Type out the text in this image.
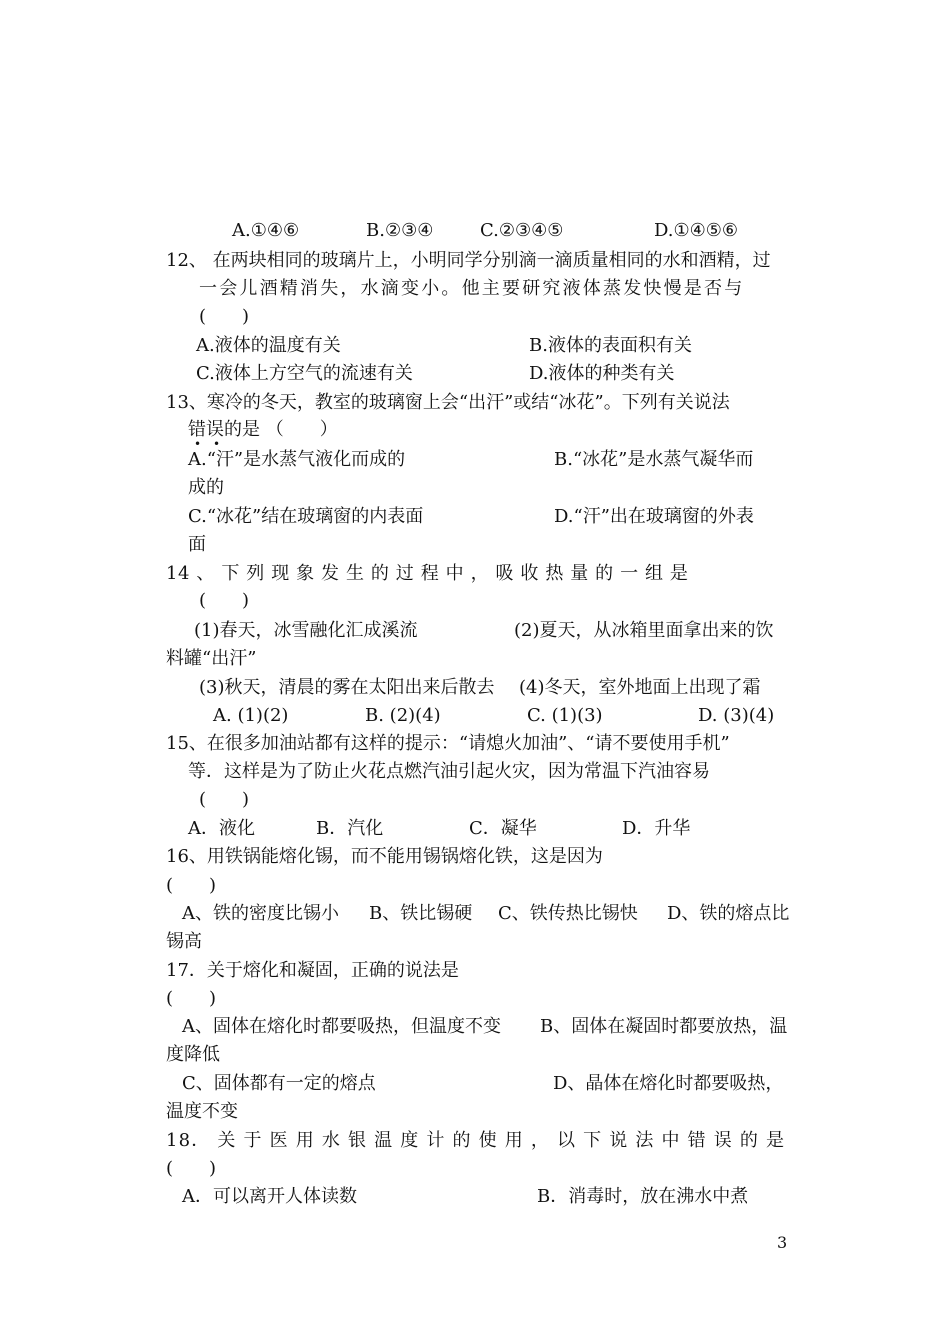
A.①④⑥	B.②③④	C.②③④⑤	D.①④⑤⑥
12、 在两块相同的玻璃片上，小明同学分别滴一滴质量相同的水和酒精，过
一会儿酒精消失，水滴变小。他主要研究液体蒸发快慢是否与
(　　)
A.液体的温度有关	B.液体的表面积有关
C.液体上方空气的流速有关	D.液体的种类有关
13、寒冷的冬天，教室的玻璃窗上会“出汗”或结“冰花”。下列有关说法
错误的是 （　　）
• •
A.“汗”是水蒸气液化而成的	B.“冰花”是水蒸气凝华而
成的
C.“冰花”结在玻璃窗的内表面	D.“汗”出在玻璃窗的外表
面
14 、 下 列 现 象 发 生 的 过 程 中 ， 吸 收 热 量 的 一 组 是
(　　)
(1)春天，冰雪融化汇成溪流	(2)夏天，从冰箱里面拿出来的饮
料罐“出汗”
(3)秋天，清晨的雾在太阳出来后散去 (4)冬天，室外地面上出现了霜
A. (1)(2)	B. (2)(4)	C. (1)(3)	D. (3)(4)
15、在很多加油站都有这样的提示：“请熄火加油”、“请不要使用手机”
等．这样是为了防止火花点燃汽油引起火灾，因为常温下汽油容易
(　　)
A．液化	B．汽化	C．凝华	D．升华
16、用铁锅能熔化锡，而不能用锡锅熔化铁，这是因为
(　　)
A、铁的密度比锡小 B、铁比锡硬 C、铁传热比锡快 D、铁的熔点比
锡高
17．关于熔化和凝固，正确的说法是
(　　)
A、固体在熔化时都要吸热，但温度不变 B、固体在凝固时都要放热，温
度降低
C、固体都有一定的熔点	D、晶体在熔化时都要吸热，
温度不变
18． 关 于 医 用 水 银 温 度 计 的 使 用 ， 以 下 说 法 中 错 误 的 是
(　　)
A．可以离开人体读数	B．消毒时，放在沸水中煮
3
